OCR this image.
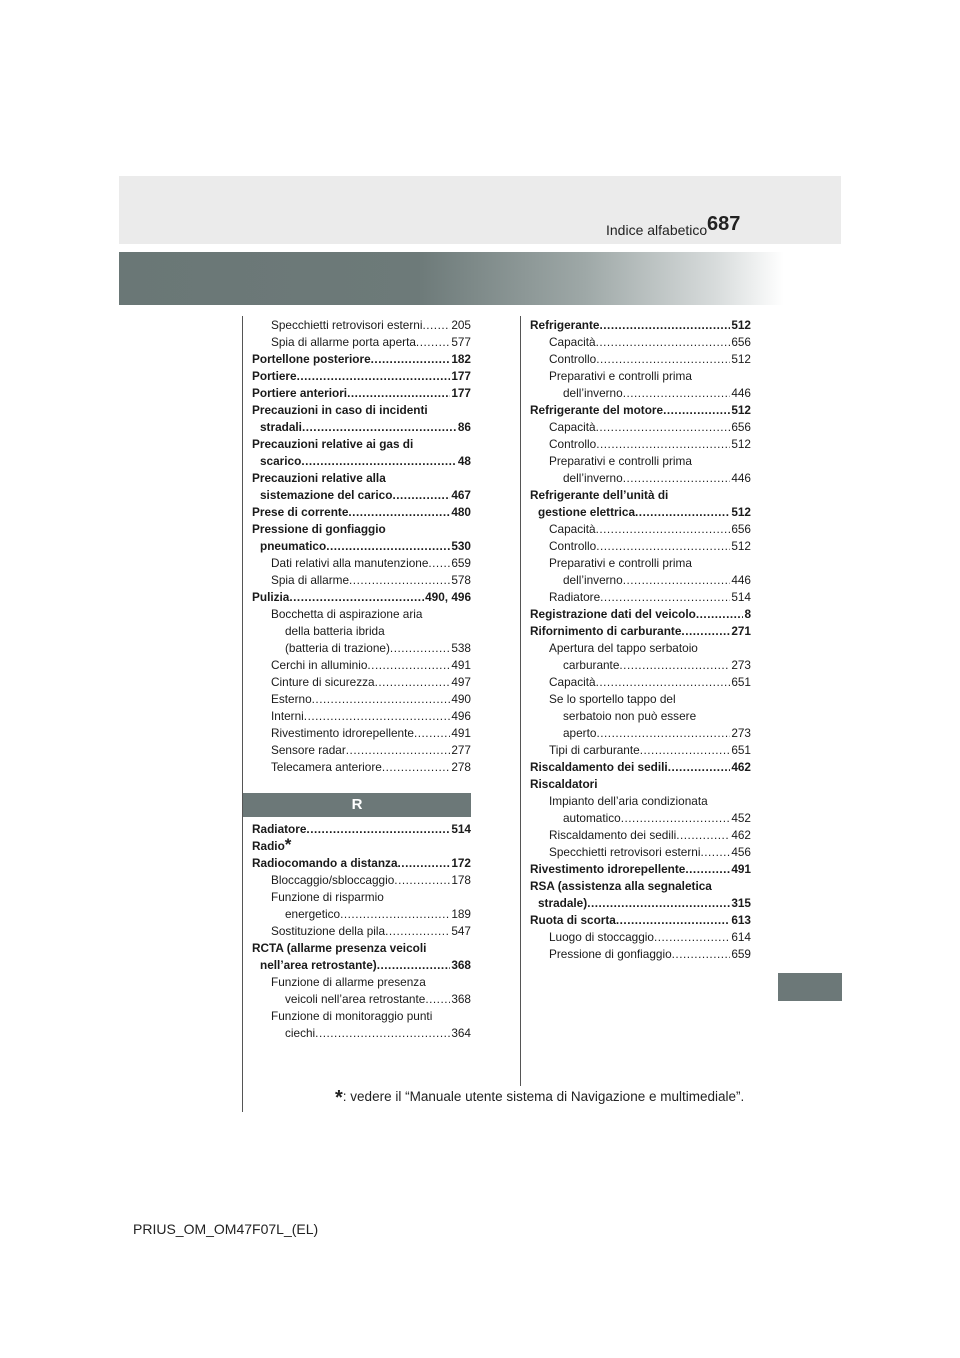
687
Indice alfabetico
Specchietti retrovisori esterni ..... 205
Spia di allarme porta aperta .....	577
Portellone posteriore .....	182
Portiere .....	177
Portiere anteriori .....	177
Precauzioni in caso di incidenti
stradali .....	86
Precauzioni relative ai gas di
scarico .....	48
Precauzioni relative alla
sistemazione del carico .....	467
Prese di corrente .....	480
Pressione di gonfiaggio
pneumatico .....	530
Dati relativi alla manutenzione ..... 659
Spia di allarme .....	578
Pulizia .....	490, 496
Bocchetta di aspirazione aria
della batteria ibrida
(batteria di trazione) .....	538
Cerchi in alluminio .....	491
Cinture di sicurezza .....	497
Esterno .....	490
Interni .....	496
Rivestimento idrorepellente .....	491
Sensore radar .....	277
Telecamera anteriore .....	278
R
Radiatore .....	514
Radio *
Radiocomando a distanza .....	172
Bloccaggio/sbloccaggio .....	178
Funzione di risparmio
energetico .....	189
Sostituzione della pila .....	547
RCTA (allarme presenza veicoli
nell’area retrostante) .....	368
Funzione di allarme presenza
veicoli nell’area retrostante ..... 368
Funzione di monitoraggio punti
ciechi .....	364
Refrigerante .....	512
Capacità .....	656
Controllo .....	512
Preparativi e controlli prima
dell’inverno .....	446
Refrigerante del motore .....	512
Capacità .....	656
Controllo .....	512
Preparativi e controlli prima
dell’inverno .....	446
Refrigerante dell’unità di
gestione elettrica .....	512
Capacità .....	656
Controllo .....	512
Preparativi e controlli prima
dell’inverno .....	446
Radiatore .....	514
Registrazione dati del veicolo .....	8
Rifornimento di carburante .....	271
Apertura del tappo serbatoio
carburante .....	273
Capacità .....	651
Se lo sportello tappo del
serbatoio non può essere
aperto .....	273
Tipi di carburante .....	651
Riscaldamento dei sedili .....	462
Riscaldatori
Impianto dell’aria condizionata
automatico .....	452
Riscaldamento dei sedili .....	462
Specchietti retrovisori esterni .....	456
Rivestimento idrorepellente .....	491
RSA (assistenza alla segnaletica
stradale) .....	315
Ruota di scorta .....	613
Luogo di stoccaggio .....	614
Pressione di gonfiaggio .....	659
*: vedere il “Manuale utente sistema di Navigazione e multimediale”.
PRIUS_OM_OM47F07L_(EL)
